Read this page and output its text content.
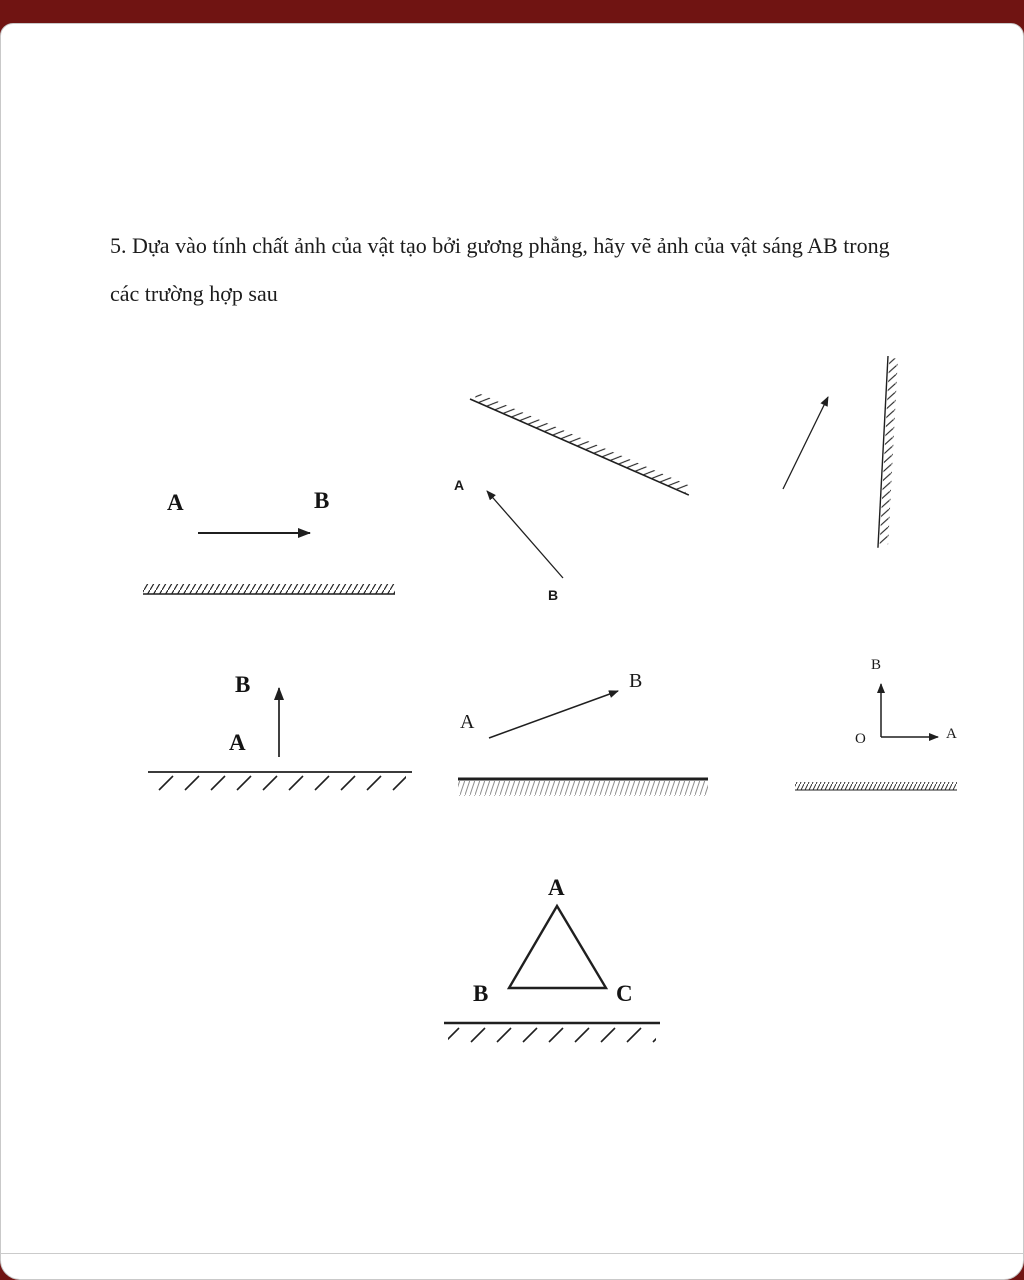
5. Dựa vào tính chất ảnh của vật tạo bởi gương phẳng, hãy vẽ ảnh của vật sáng AB trong
các trường hợp sau
A	B
A
B
B
A
A
B
B
O	A
A
B	C
